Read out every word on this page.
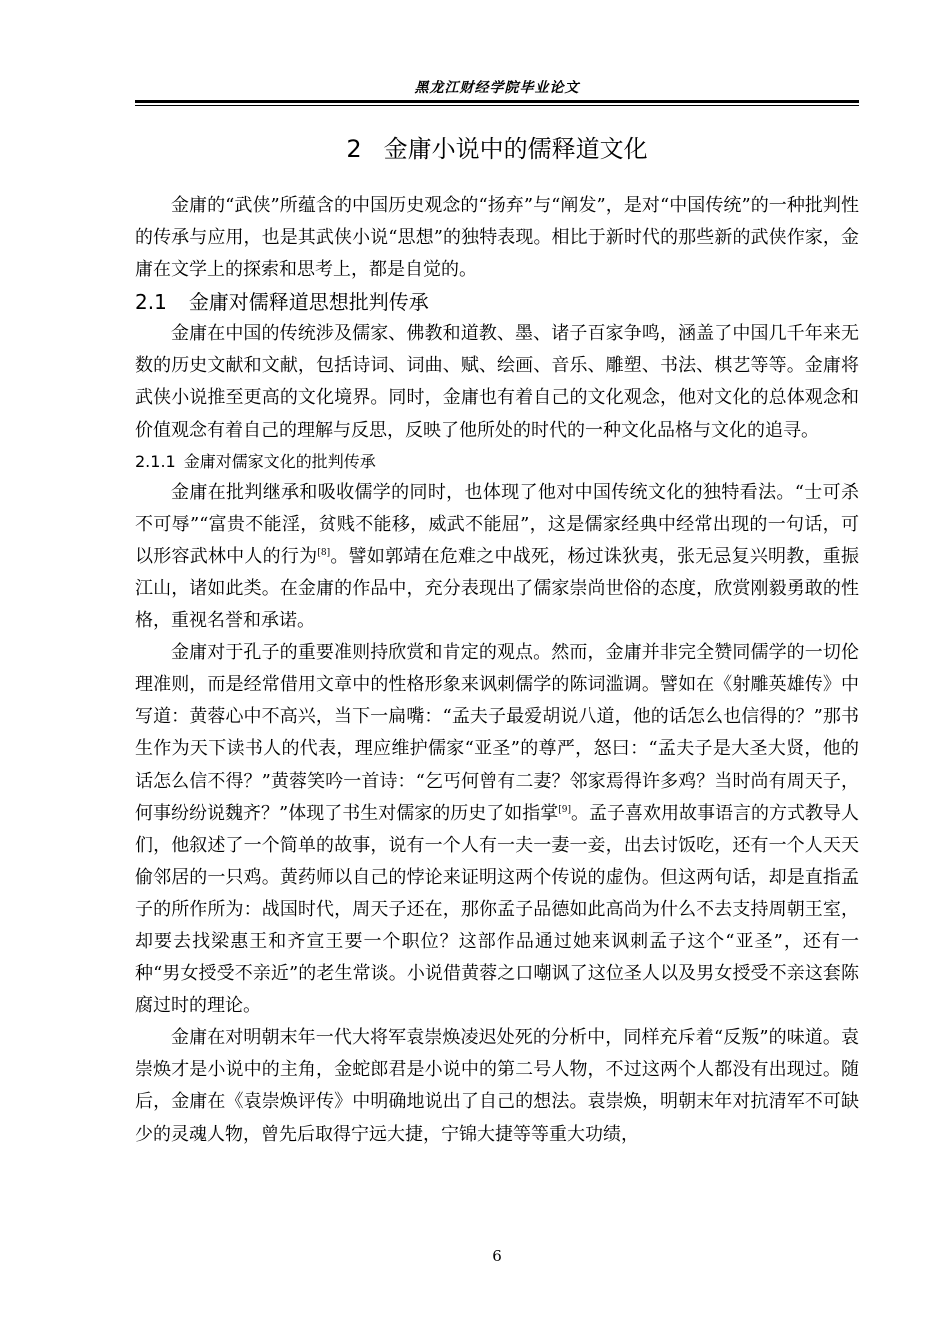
黑龙江财经学院毕业论文
2 金庸小说中的儒释道文化

金庸的“武侠”所蕴含的中国历史观念的“扬弃”与“阐发”，是对“中国传统”的一种批判性的传承与应用，也是其武侠小说“思想”的独特表现。相比于新时代的那些新的武侠作家，金庸在文学上的探索和思考上，都是自觉的。

2.1 金庸对儒释道思想批判传承

金庸在中国的传统涉及儒家、佛教和道教、墨、诸子百家争鸣，涵盖了中国几千年来无数的历史文献和文献，包括诗词、词曲、赋、绘画、音乐、雕塑、书法、棋艺等等。金庸将武侠小说推至更高的文化境界。同时，金庸也有着自己的文化观念，他对文化的总体观念和价值观念有着自己的理解与反思，反映了他所处的时代的一种文化品格与文化的追寻。

2.1.1 金庸对儒家文化的批判传承

金庸在批判继承和吸收儒学的同时，也体现了他对中国传统文化的独特看法。“士可杀不可辱”“富贵不能淫，贫贱不能移，威武不能屈”，这是儒家经典中经常出现的一句话，可以形容武林中人的行为[8]。譬如郭靖在危难之中战死，杨过诛狄夷，张无忌复兴明教，重振江山，诸如此类。在金庸的作品中，充分表现出了儒家崇尚世俗的态度，欣赏刚毅勇敢的性格，重视名誉和承诺。

金庸对于孔子的重要准则持欣赏和肯定的观点。然而，金庸并非完全赞同儒学的一切伦理准则，而是经常借用文章中的性格形象来讽刺儒学的陈词滥调。譬如在《射雕英雄传》中写道：黄蓉心中不高兴，当下一扁嘴：“孟夫子最爱胡说八道，他的话怎么也信得的？”那书生作为天下读书人的代表，理应维护儒家“亚圣”的尊严，怒曰：“孟夫子是大圣大贤，他的话怎么信不得？”黄蓉笑吟一首诗：“乞丐何曾有二妻？邻家焉得许多鸡？当时尚有周天子，何事纷纷说魏齐？”体现了书生对儒家的历史了如指掌[9]。孟子喜欢用故事语言的方式教导人们，他叙述了一个简单的故事，说有一个人有一夫一妻一妾，出去讨饭吃，还有一个人天天偷邻居的一只鸡。黄药师以自己的悖论来证明这两个传说的虚伪。但这两句话，却是直指孟子的所作所为：战国时代，周天子还在，那你孟子品德如此高尚为什么不去支持周朝王室，却要去找梁惠王和齐宣王要一个职位？这部作品通过她来讽刺孟子这个“亚圣”，还有一种“男女授受不亲近”的老生常谈。小说借黄蓉之口嘲讽了这位圣人以及男女授受不亲这套陈腐过时的理论。

金庸在对明朝末年一代大将军袁崇焕凌迟处死的分析中，同样充斥着“反叛”的味道。袁崇焕才是小说中的主角，金蛇郎君是小说中的第二号人物，不过这两个人都没有出现过。随后，金庸在《袁崇焕评传》中明确地说出了自己的想法。袁崇焕，明朝末年对抗清军不可缺少的灵魂人物，曾先后取得宁远大捷，宁锦大捷等等重大功绩，

6
